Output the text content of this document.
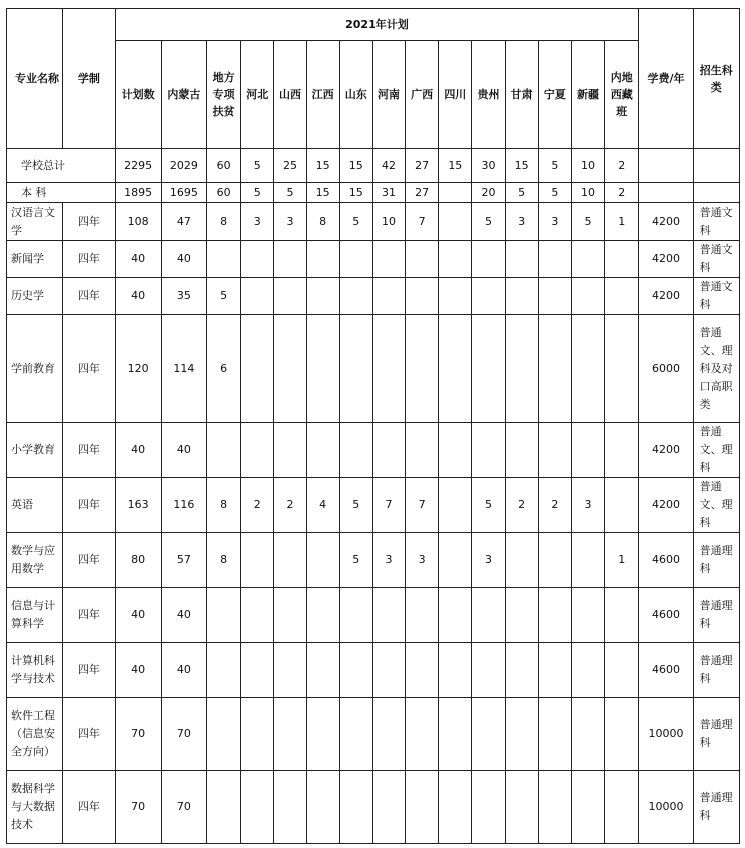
专业名称	学制	2021年计划															学费/年	招生科类
		计划数	内蒙古	地方专项扶贫	河北	山西	江西	山东	河南	广西	四川	贵州	甘肃	宁夏	新疆	内地西藏班		
学校总计		2295	2029	60	5	25	15	15	42	27	15	30	15	5	10	2		
本 科		1895	1695	60	5	5	15	15	31	27		20	5	5	10	2		
汉语言文学	四年	108	47	8	3	3	8	5	10	7		5	3	3	5	1	4200	普通文科
新闻学	四年	40	40														4200	普通文科
历史学	四年	40	35	5													4200	普通文科
学前教育	四年	120	114	6													6000	普通文、理科及对口高职类
小学教育	四年	40	40														4200	普通文、理科
英语	四年	163	116	8	2	2	4	5	7	7		5	2	2	3		4200	普通文、理科
数学与应用数学	四年	80	57	8				5	3	3		3				1	4600	普通理科
信息与计算科学	四年	40	40														4600	普通理科
计算机科学与技术	四年	40	40														4600	普通理科
软件工程（信息安全方向）	四年	70	70														10000	普通理科
数据科学与大数据技术	四年	70	70														10000	普通理科
